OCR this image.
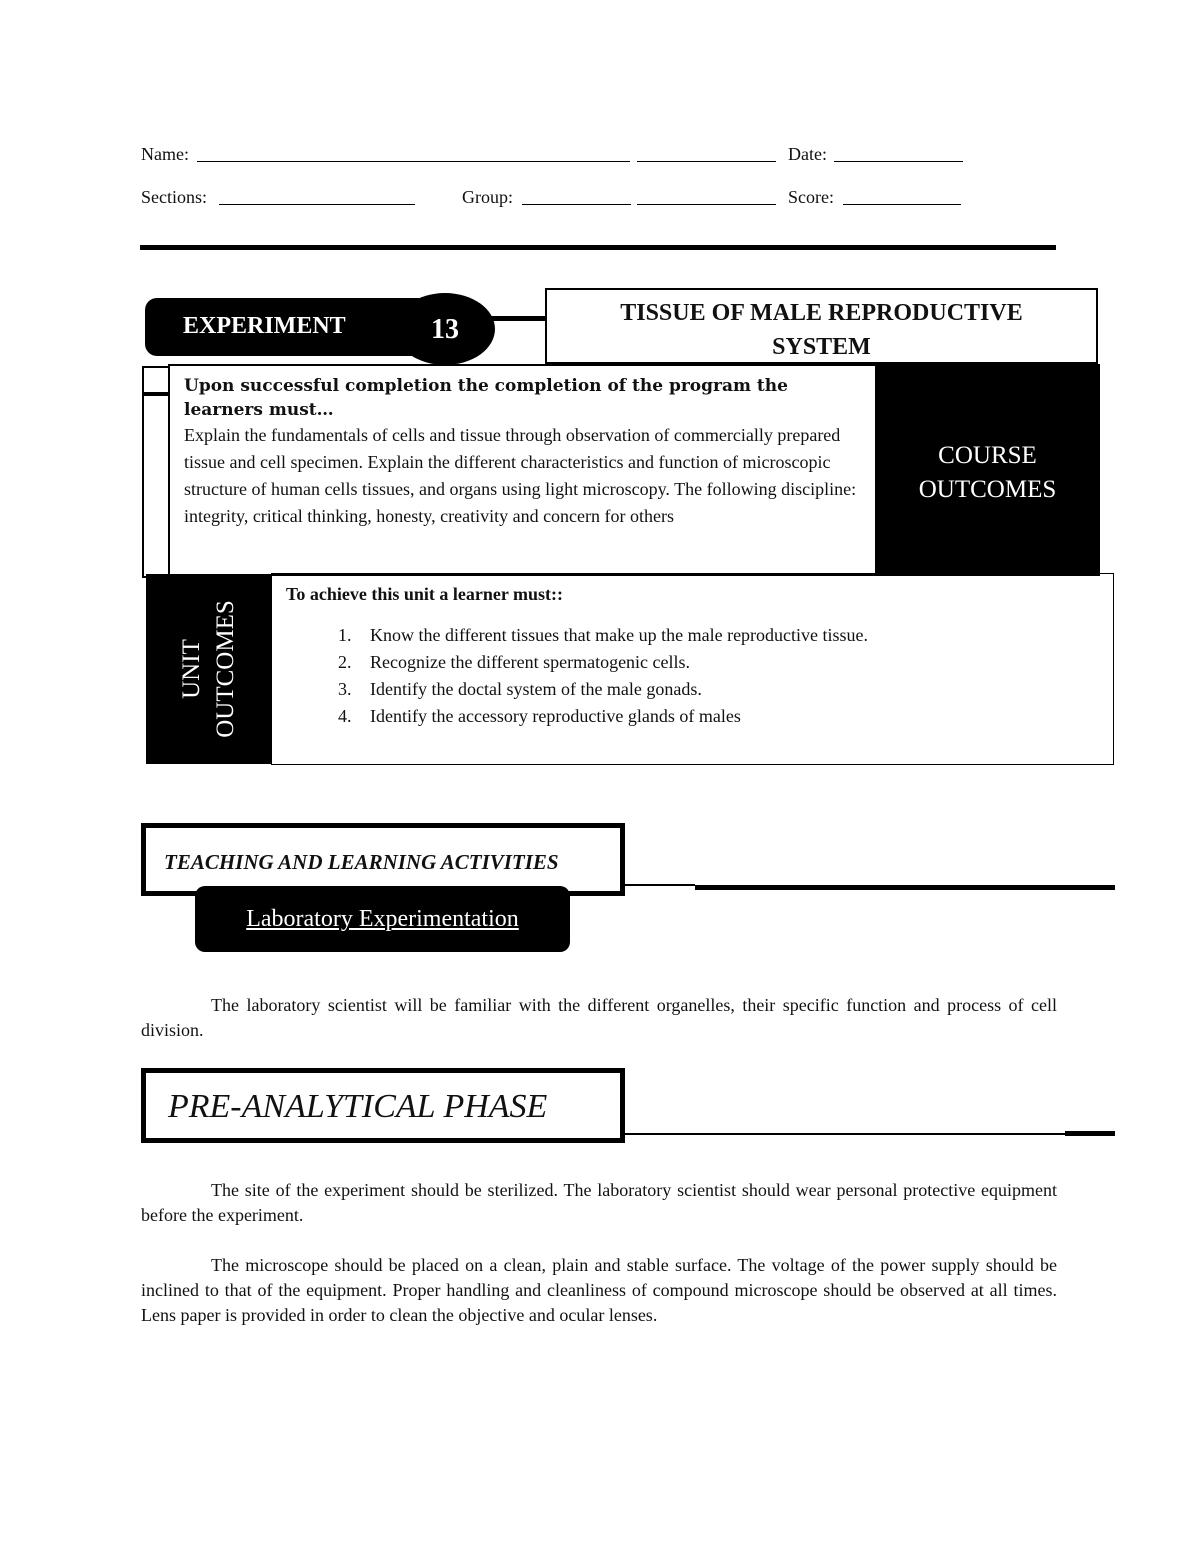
Name:	Date:
Sections:	Group:	Score:
EXPERIMENT	13
TISSUE OF MALE REPRODUCTIVE
SYSTEM
Upon successful completion the completion of the program the learners must…
Explain the fundamentals of cells and tissue through observation of commercially prepared tissue and cell specimen. Explain the different characteristics and function of microscopic structure of human cells tissues, and organs using light microscopy. The following discipline: integrity, critical thinking, honesty, creativity and concern for others
COURSE
OUTCOMES
UNIT OUTCOMES
To achieve this unit a learner must::
1. Know the different tissues that make up the male reproductive tissue.
2. Recognize the different spermatogenic cells.
3. Identify the doctal system of the male gonads.
4. Identify the accessory reproductive glands of males
TEACHING AND LEARNING ACTIVITIES
Laboratory Experimentation
The laboratory scientist will be familiar with the different organelles, their specific function and process of cell division.
PRE-ANALYTICAL PHASE
The site of the experiment should be sterilized. The laboratory scientist should wear personal protective equipment before the experiment.
The microscope should be placed on a clean, plain and stable surface. The voltage of the power supply should be inclined to that of the equipment. Proper handling and cleanliness of compound microscope should be observed at all times. Lens paper is provided in order to clean the objective and ocular lenses.
